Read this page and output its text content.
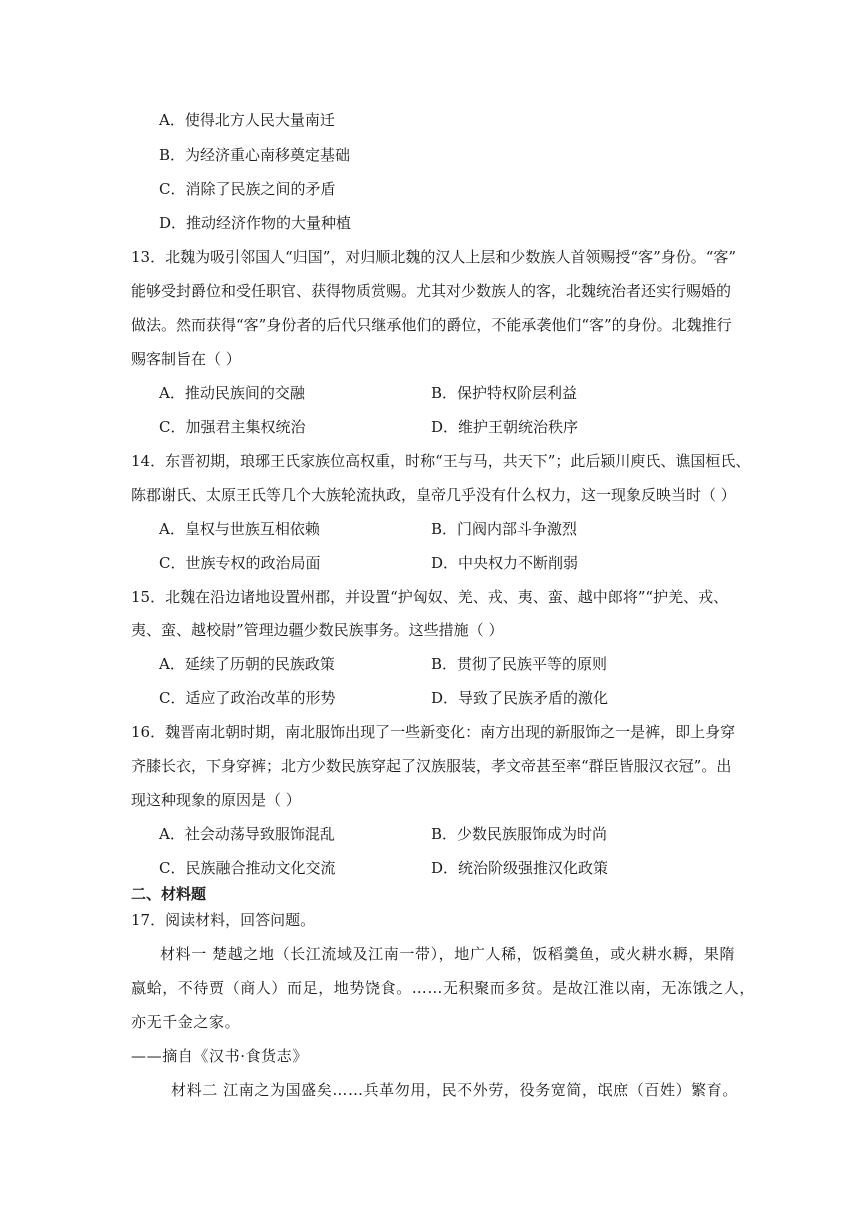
A．使得北方人民大量南迁
B．为经济重心南移奠定基础
C．消除了民族之间的矛盾
D．推动经济作物的大量种植
13．北魏为吸引邻国人“归国”，对归顺北魏的汉人上层和少数族人首领赐授“客”身份。“客”
能够受封爵位和受任职官、获得物质赏赐。尤其对少数族人的客，北魏统治者还实行赐婚的
做法。然而获得“客”身份者的后代只继承他们的爵位，不能承袭他们“客”的身份。北魏推行
赐客制旨在（ ）
A．推动民族间的交融	B．保护特权阶层利益
C．加强君主集权统治	D．维护王朝统治秩序
14．东晋初期，琅琊王氏家族位高权重，时称“王与马，共天下”；此后颍川庾氏、谯国桓氏、
陈郡谢氏、太原王氏等几个大族轮流执政，皇帝几乎没有什么权力，这一现象反映当时（ ）
A．皇权与世族互相依赖	B．门阀内部斗争激烈
C．世族专权的政治局面	D．中央权力不断削弱
15．北魏在沿边诸地设置州郡，并设置“护匈奴、羌、戎、夷、蛮、越中郎将”“护羌、戎、
夷、蛮、越校尉”管理边疆少数民族事务。这些措施（ ）
A．延续了历朝的民族政策	B．贯彻了民族平等的原则
C．适应了政治改革的形势	D．导致了民族矛盾的激化
16．魏晋南北朝时期，南北服饰出现了一些新变化：南方出现的新服饰之一是裤，即上身穿
齐膝长衣，下身穿裤；北方少数民族穿起了汉族服装，孝文帝甚至率“群臣皆服汉衣冠”。出
现这种现象的原因是（ ）
A．社会动荡导致服饰混乱	B．少数民族服饰成为时尚
C．民族融合推动文化交流	D．统治阶级强推汉化政策
二、材料题
17．阅读材料，回答问题。
材料一 楚越之地（长江流域及江南一带），地广人稀，饭稻羹鱼，或火耕水耨，果隋
嬴蛤，不待贾（商人）而足，地势饶食。……无积聚而多贫。是故江淮以南，无冻饿之人，
亦无千金之家。
——摘自《汉书·食货志》
材料二 江南之为国盛矣……兵革勿用，民不外劳，役务宽简，氓庶（百姓）繁育。
